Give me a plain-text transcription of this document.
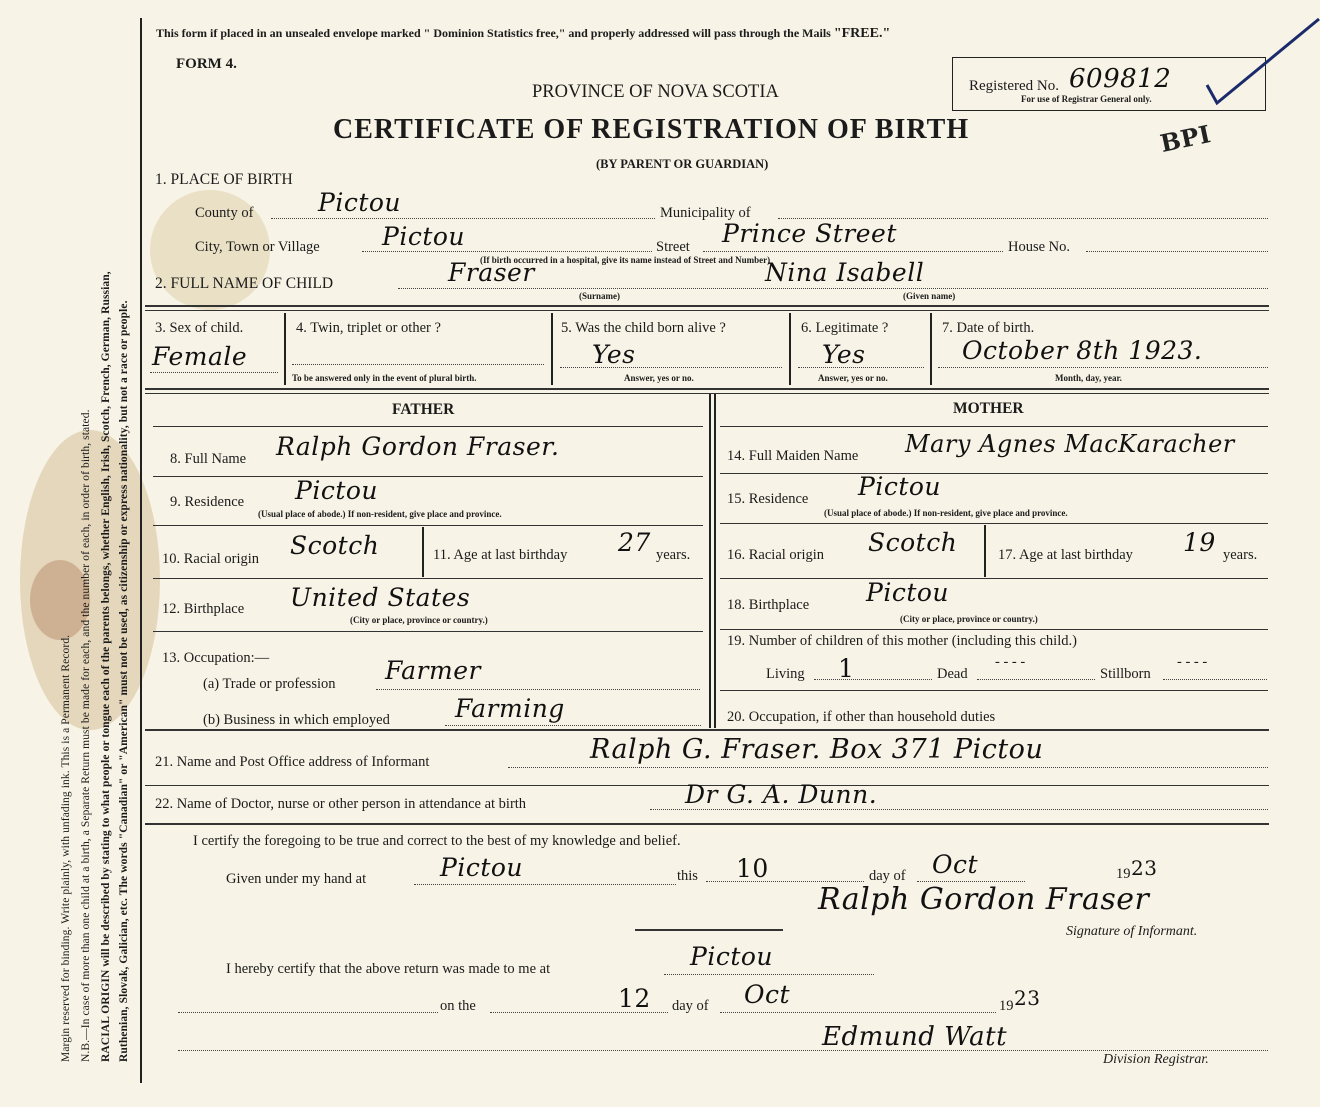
Margin reserved for binding. Write plainly, with unfading ink. This is a Permanent Record. N.B.—In case of more than one child at a birth, a Separate Return must be made for each, and the number of each, in order of birth, stated. RACIAL ORIGIN will be described by stating to what people or tongue each of the parents belongs, whether English, Irish, Scotch, French, German, Russian, Ruthenian, Slovak, Galician, etc. The words "Canadian" or "American" must not be used, as citizenship or express nationality, but not a race or people.
This form if placed in an unsealed envelope marked " Dominion Statistics free," and properly addressed will pass through the Mails "FREE."
FORM 4.
PROVINCE OF NOVA SCOTIA
CERTIFICATE OF REGISTRATION OF BIRTH
(BY PARENT OR GUARDIAN)
Registered No. 609812
For use of Registrar General only.
BPI
1. PLACE OF BIRTH
County of	Pictou	Municipality of
City, Town or Village Pictou	Street Prince Street	House No.
(If birth occurred in a hospital, give its name instead of Street and Number)
2. FULL NAME OF CHILD	Fraser	Nina Isabell
(Surname)	(Given name)
3. Sex of child.
Female
4. Twin, triplet or other ?
To be answered only in the event of plural birth.
5. Was the child born alive ?
Yes
Answer, yes or no.
6. Legitimate ?
Yes
Answer, yes or no.
7. Date of birth.
October 8th 1923.
Month, day, year.
FATHER	MOTHER
8. Full Name Ralph Gordon Fraser.
9. Residence Pictou
(Usual place of abode.) If non-resident, give place and province.
10. Racial origin Scotch	11. Age at last birthday 27 years.
12. Birthplace United States
(City or place, province or country.)
13. Occupation:—
(a) Trade or profession Farmer
(b) Business in which employed	Farming
14. Full Maiden Name Mary Agnes MacKaracher
15. Residence Pictou
(Usual place of abode.) If non-resident, give place and province.
16. Racial origin Scotch	17. Age at last birthday 19 years.
18. Birthplace Pictou
(City or place, province or country.)
19. Number of children of this mother (including this child.)
Living 1	Dead
- - - -
Stillborn
- - - -
20. Occupation, if other than household duties
21. Name and Post Office address of Informant	Ralph G. Fraser. Box 371 Pictou
22. Name of Doctor, nurse or other person in attendance at birth	Dr G. A. Dunn.
I certify the foregoing to be true and correct to the best of my knowledge and belief.
Given under my hand at	Pictou	this 10	day of Oct	19 23
Ralph Gordon Fraser
Signature of Informant.
I hereby certify that the above return was made to me at	Pictou
on the	12 day of Oct	19 23
Edmund Watt
Division Registrar.
